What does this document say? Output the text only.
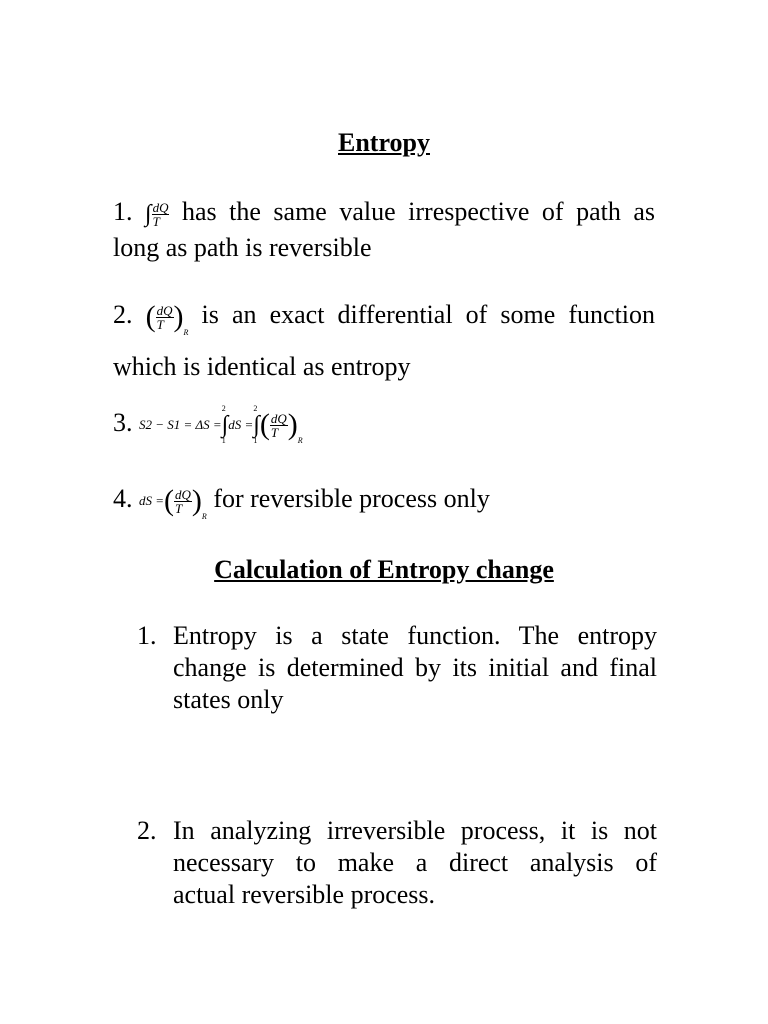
Entropy
1. ∫ $\frac{dQ}{T}$ has the same value irrespective of path as
long as path is reversible
2. ( $\frac{dQ}{T} )_R$ is an exact differential of some function
which is identical as entropy
3. S2 − S1 = ΔS =
2
∫
1
dS =
2
∫
1 ( $\frac{dQ}{T} )_R$
4. dS =( $\frac{dQ}{T} )_R$ for reversible process only
Calculation of Entropy change
1. Entropy is a state function. The entropy
change is determined by its initial and final
states only
2. In analyzing irreversible process, it is not
necessary to make a direct analysis of
actual reversible process.
